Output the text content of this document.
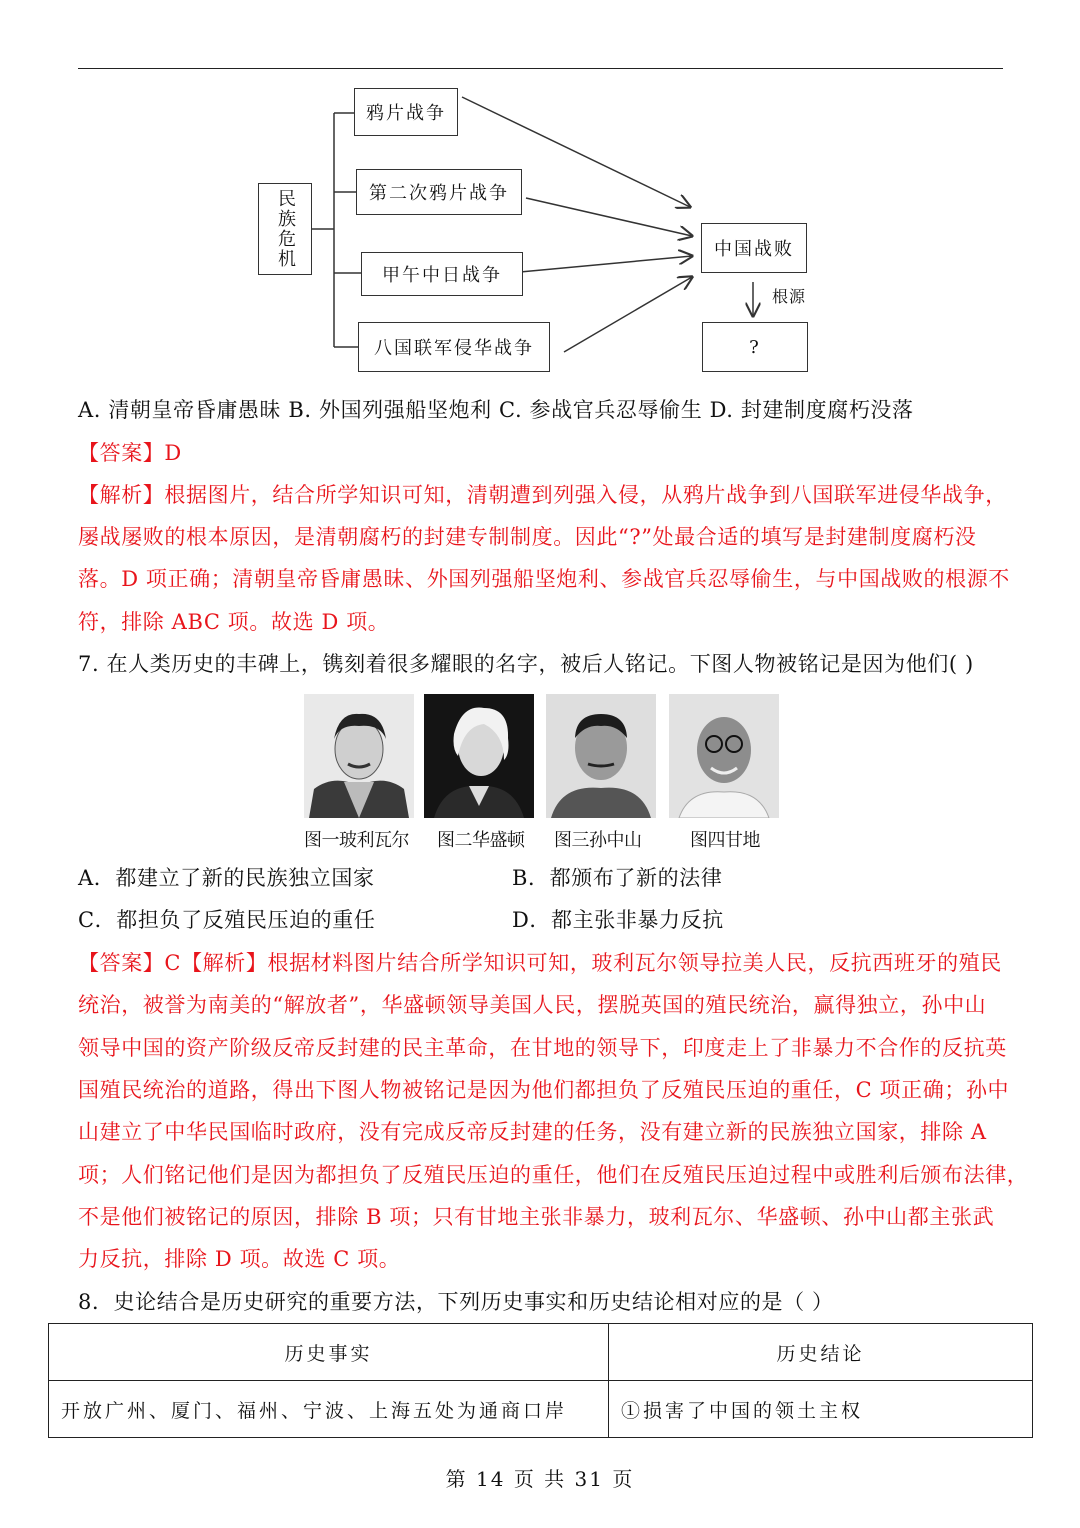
民族危机
鸦片战争
第二次鸦片战争
甲午中日战争
八国联军侵华战争
中国战败
根源
?
A. 清朝皇帝昏庸愚昧 B. 外国列强船坚炮利 C. 参战官兵忍辱偷生 D. 封建制度腐朽没落
【答案】D
【解析】根据图片，结合所学知识可知，清朝遭到列强入侵，从鸦片战争到八国联军进侵华战争，
屡战屡败的根本原因，是清朝腐朽的封建专制制度。因此“?”处最合适的填写是封建制度腐朽没
落。D 项正确；清朝皇帝昏庸愚昧、外国列强船坚炮利、参战官兵忍辱偷生，与中国战败的根源不
符，排除 ABC 项。故选 D 项。
7. 在人类历史的丰碑上，镌刻着很多耀眼的名字，被后人铭记。下图人物被铭记是因为他们( )
图一玻利瓦尔 图二华盛顿 图三孙中山	图四甘地
A．都建立了新的民族独立国家	B．都颁布了新的法律
C．都担负了反殖民压迫的重任	D．都主张非暴力反抗
【答案】C【解析】根据材料图片结合所学知识可知，玻利瓦尔领导拉美人民，反抗西班牙的殖民
统治，被誉为南美的“解放者”，华盛顿领导美国人民，摆脱英国的殖民统治，赢得独立，孙中山
领导中国的资产阶级反帝反封建的民主革命，在甘地的领导下，印度走上了非暴力不合作的反抗英
国殖民统治的道路，得出下图人物被铭记是因为他们都担负了反殖民压迫的重任，C 项正确；孙中
山建立了中华民国临时政府，没有完成反帝反封建的任务，没有建立新的民族独立国家，排除 A
项；人们铭记他们是因为都担负了反殖民压迫的重任，他们在反殖民压迫过程中或胜利后颁布法律，
不是他们被铭记的原因，排除 B 项；只有甘地主张非暴力，玻利瓦尔、华盛顿、孙中山都主张武
力反抗，排除 D 项。故选 C 项。
8．史论结合是历史研究的重要方法，下列历史事实和历史结论相对应的是（ ）
历史事实	历史结论
开放广州、厦门、福州、宁波、上海五处为通商口岸	①损害了中国的领土主权
第 14 页 共 31 页
